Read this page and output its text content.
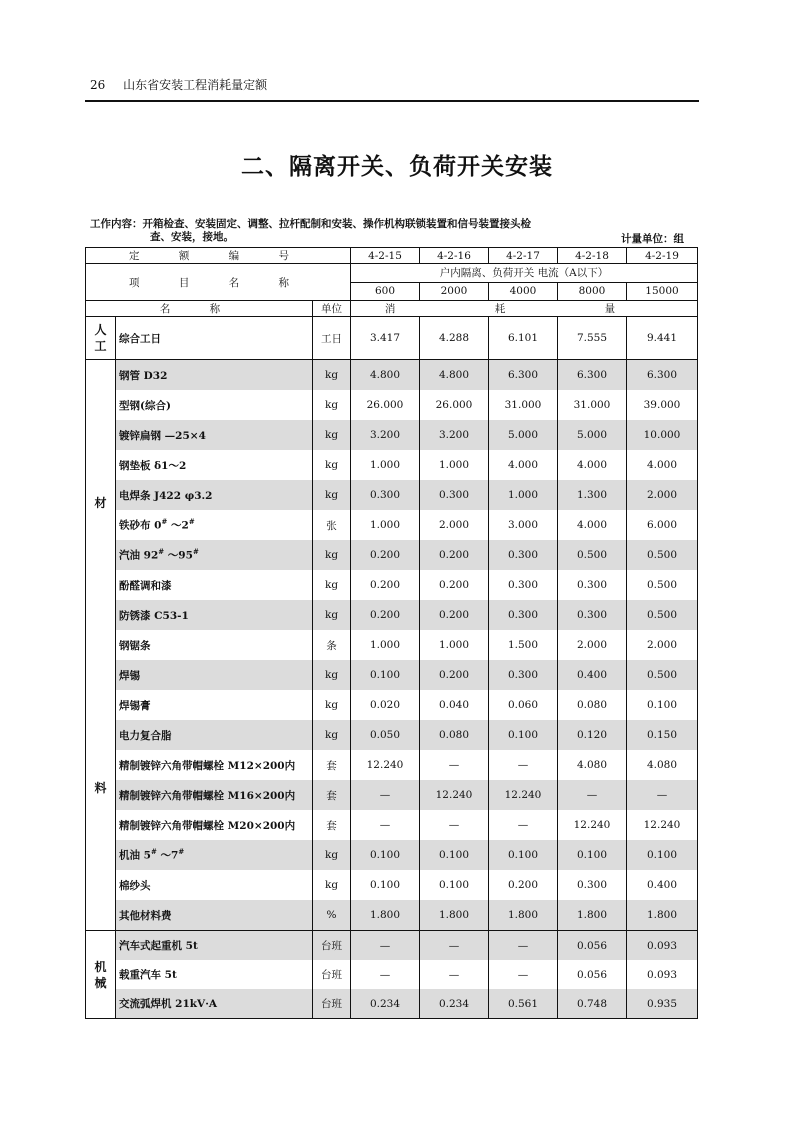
26 山东省安装工程消耗量定额
二、隔离开关、负荷开关安装
工作内容：开箱检查、安装固定、调整、拉杆配制和安装、操作机构联锁装置和信号装置接头检
查、安装，接地。	计量单位：组
定 额 编 号			4-2-15	4-2-16	4-2-17	4-2-18	4-2-19
项 目 名 称			户内隔离、负荷开关 电流（A以下）				
			600	2000	4000	8000	15000
名 称		单位	消 耗 量				

人
工	综合工日	工日	3.417	4.288	6.101	7.555	9.441

材
料	钢管 D32	kg	4.800	4.800	6.300	6.300	6.300
	型钢(综合)	kg	26.000	26.000	31.000	31.000	39.000
	镀锌扁钢 —25×4	kg	3.200	3.200	5.000	5.000	10.000
	钢垫板 δ1～2	kg	1.000	1.000	4.000	4.000	4.000
	电焊条 J422 φ3.2	kg	0.300	0.300	1.000	1.300	2.000
	铁砂布 0# ～2#	张	1.000	2.000	3.000	4.000	6.000
	汽油 92# ～95#	kg	0.200	0.200	0.300	0.500	0.500
	酚醛调和漆	kg	0.200	0.200	0.300	0.300	0.500
	防锈漆 C53-1	kg	0.200	0.200	0.300	0.300	0.500
	钢锯条	条	1.000	1.000	1.500	2.000	2.000
	焊锡	kg	0.100	0.200	0.300	0.400	0.500
	焊锡膏	kg	0.020	0.040	0.060	0.080	0.100
	电力复合脂	kg	0.050	0.080	0.100	0.120	0.150
	精制镀锌六角带帽螺栓 M12×200内	套	12.240	—	—	4.080	4.080
	精制镀锌六角带帽螺栓 M16×200内	套	—	12.240	12.240	—	—
	精制镀锌六角带帽螺栓 M20×200内	套	—	—	—	12.240	12.240
	机油 5# ～7#	kg	0.100	0.100	0.100	0.100	0.100
	棉纱头	kg	0.100	0.100	0.200	0.300	0.400
	其他材料费	%	1.800	1.800	1.800	1.800	1.800

机
械	汽车式起重机 5t	台班	—	—	—	0.056	0.093
	载重汽车 5t	台班	—	—	—	0.056	0.093
	交流弧焊机 21kV·A	台班	0.234	0.234	0.561	0.748	0.935
